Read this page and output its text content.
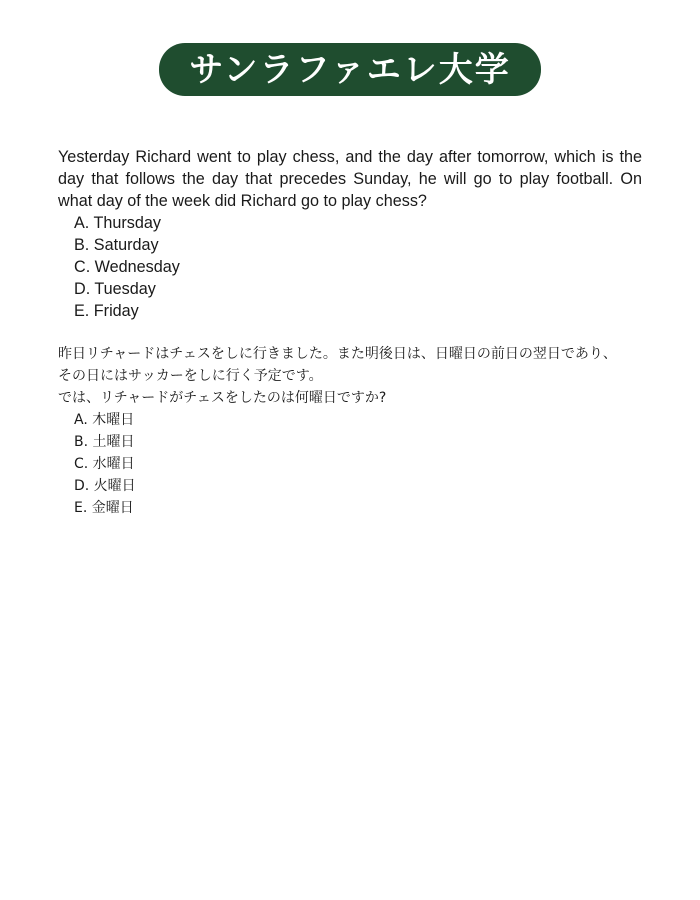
サンラファエレ大学

Yesterday Richard went to play chess, and the day after tomorrow, which is the day that follows the day that precedes Sunday, he will go to play football. On what day of the week did Richard go to play chess?

A. Thursday
B. Saturday
C. Wednesday
D. Tuesday
E. Friday

昨日リチャードはチェスをしに行きました。また明後日は、日曜日の前日の翌日であり、

その日にはサッカーをしに行く予定です。

では、リチャードがチェスをしたのは何曜日ですか?

A. 木曜日
B. 土曜日
C. 水曜日
D. 火曜日
E. 金曜日
